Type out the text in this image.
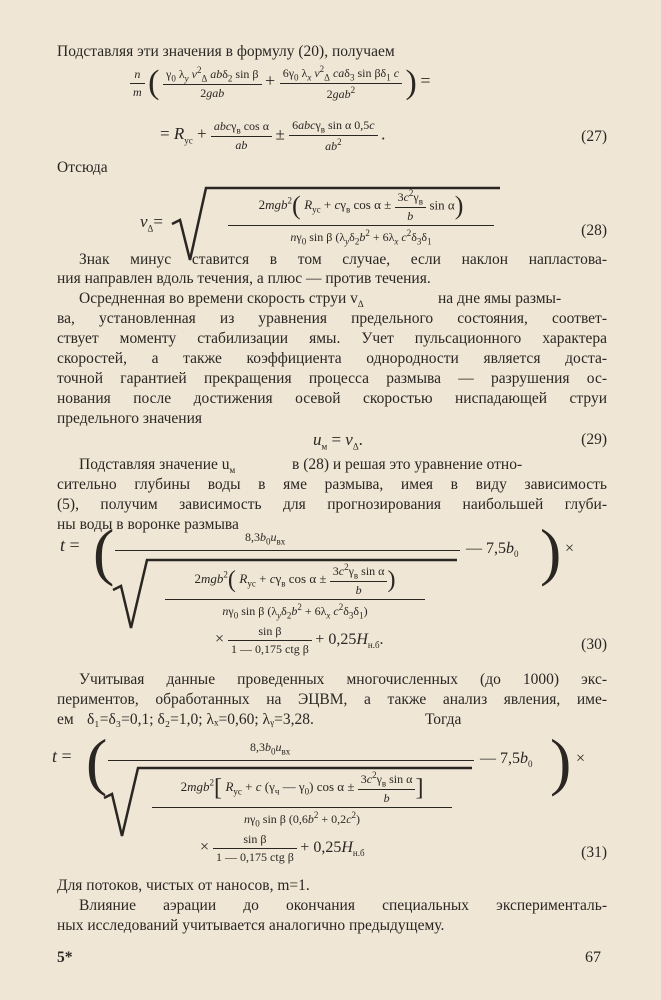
Подставляя эти значения в формулу (20), получаем
$\frac{n}{m}$ ( $\frac{\gamma_0 \lambda_y v^2_\Delta ab\delta_2 \sin \beta}{\text{2gab}} + \frac{6\gamma_0 \lambda_x v^2_\Delta ca\delta_3 \sin \beta\delta_1 c}{2gab^2}$ ) =
= $R_{ус} + \frac{abc\gamma_в \cos \alpha}{ab} \pm \frac{6abc\gamma_в \sin \alpha 0,5c}{ab^2}$ .	(27)
Отсюда
$v_\Delta=$
2mgb$^2$( $R_{ус} + c\gamma_в$ $\cos \alpha \pm \frac{3c^2\gamma_в}{b}$ sin α)
$n\gamma_0$ sin β ($\lambda_y\delta_2b^2 + 6\lambda_x$ $c^2\delta_3\delta_1$
(28)
Знак минус ставится в том случае, если наклон напластова-
ния направлен вдоль течения, а плюс — против течения.
Осредненная во времени скорость струи $v_\Delta$	на дне ямы размы-
ва, установленная из уравнения предельного состояния, соответ-
ствует моменту стабилизации ямы. Учет пульсационного характера
скоростей, а также коэффициента однородности является доста-
точной гарантией прекращения процесса размыва — разрушения ос-
нования после достижения осевой скоростью ниспадающей струи
предельного значения
$u_м = v_\Delta$.	(29)
Подставляя значение $u_м$	в (28) и решая это уравнение отно-
сительно глубины воды в яме размыва, имея в виду зависимость
(5), получим зависимость для прогнозирования наибольшей глуби-
ны воды в воронке размыва
t = (	$8,3b_0u_{вх}$	— $7,5b_0$ ) ×
2mgb$^2$( $R_{ус} + c\gamma_в$ $\cos \alpha \pm \frac{3c^2\gamma_в \sin \alpha}{b}$ )
$n\gamma_0$ sin β ($\lambda_y\delta_2b^2 + 6\lambda_x$ $c^2\delta_3\delta_1$)
× $\frac{\text{sin β}}{\text{1 — 0,175 ctg β}} + 0,25H_{н.б}$.	(30)
Учитывая данные проведенных многочисленных (до 1000) экс-
периментов, обработанных на ЭЦВМ, а также анализ явления, име-
ем δ₁=δ₃=0,1; δ₂=1,0; λₓ=0,60; λᵧ=3,28.	Тогда
t = (	$8,3b_0u_{вх}$	— $7,5b_0$ ) ×
2mgb$^2$[ $R_{ус} + c$ ($\gamma_ч$ — $\gamma_0$) $\cos \alpha \pm \frac{3c^2\gamma_в \sin \alpha}{b}$ ]
$n\gamma_0$ sin β $(0,6b^2 + 0,2c^2)$
× $\frac{\text{sin β}}{\text{1 — 0,175 ctg β}} + 0,25H_{н.б}$	(31)
Для потоков, чистых от наносов, m=1.
Влияние аэрации до окончания специальных эксперименталь-
ных исследований учитывается аналогично предыдущему.
5*	67
